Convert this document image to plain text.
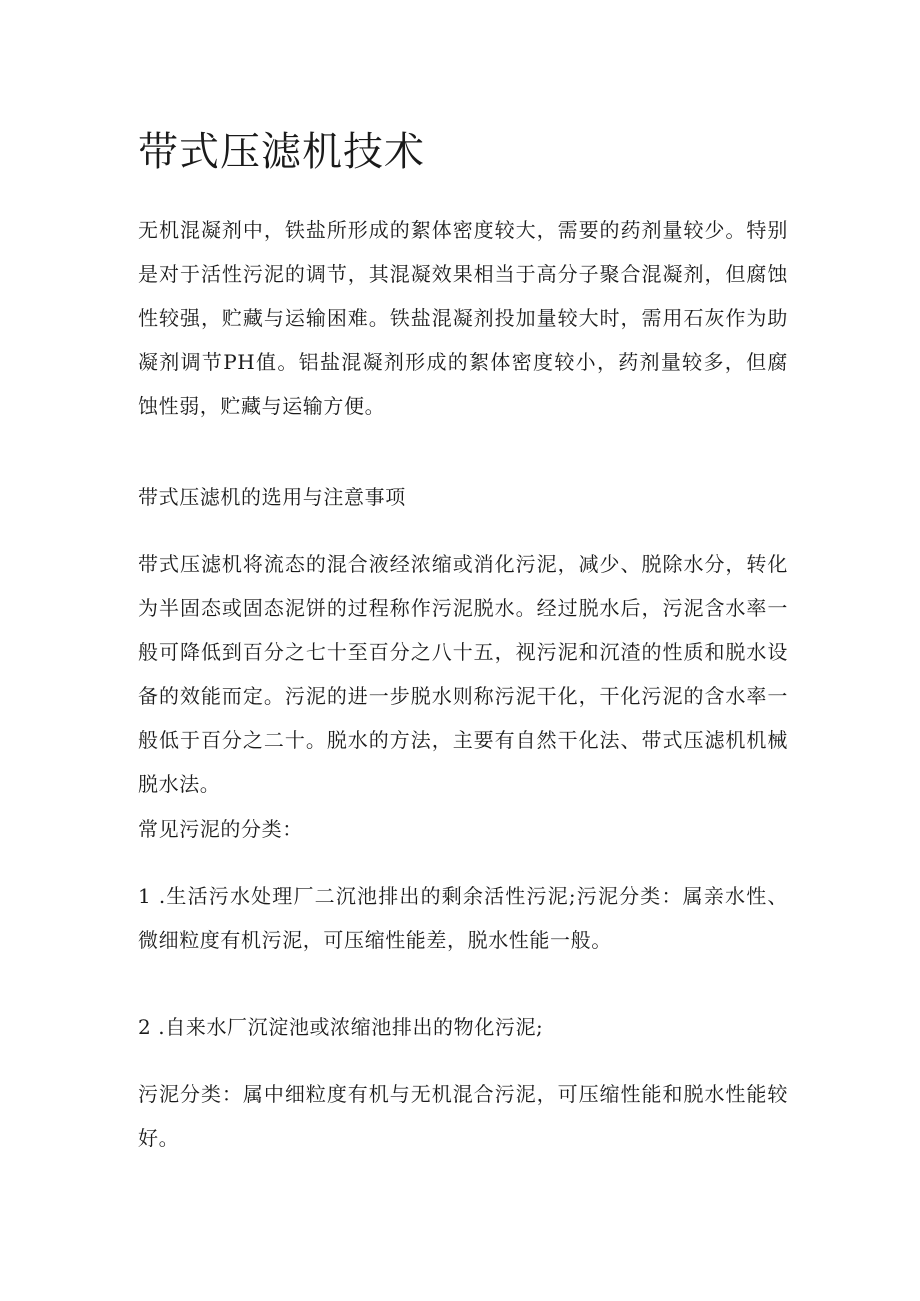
带式压滤机技术

无机混凝剂中，铁盐所形成的絮体密度较大，需要的药剂量较少。特别是对于活性污泥的调节，其混凝效果相当于高分子聚合混凝剂，但腐蚀性较强，贮藏与运输困难。铁盐混凝剂投加量较大时，需用石灰作为助凝剂调节PH值。铝盐混凝剂形成的絮体密度较小，药剂量较多，但腐蚀性弱，贮藏与运输方便。

带式压滤机的选用与注意事项

带式压滤机将流态的混合液经浓缩或消化污泥，减少、脱除水分，转化为半固态或固态泥饼的过程称作污泥脱水。经过脱水后，污泥含水率一般可降低到百分之七十至百分之八十五，视污泥和沉渣的性质和脱水设备的效能而定。污泥的进一步脱水则称污泥干化，干化污泥的含水率一般低于百分之二十。脱水的方法，主要有自然干化法、带式压滤机机械脱水法。

常见污泥的分类：

1 .生活污水处理厂二沉池排出的剩余活性污泥;污泥分类：属亲水性、微细粒度有机污泥，可压缩性能差，脱水性能一般。

2 .自来水厂沉淀池或浓缩池排出的物化污泥;

污泥分类：属中细粒度有机与无机混合污泥，可压缩性能和脱水性能较好。
